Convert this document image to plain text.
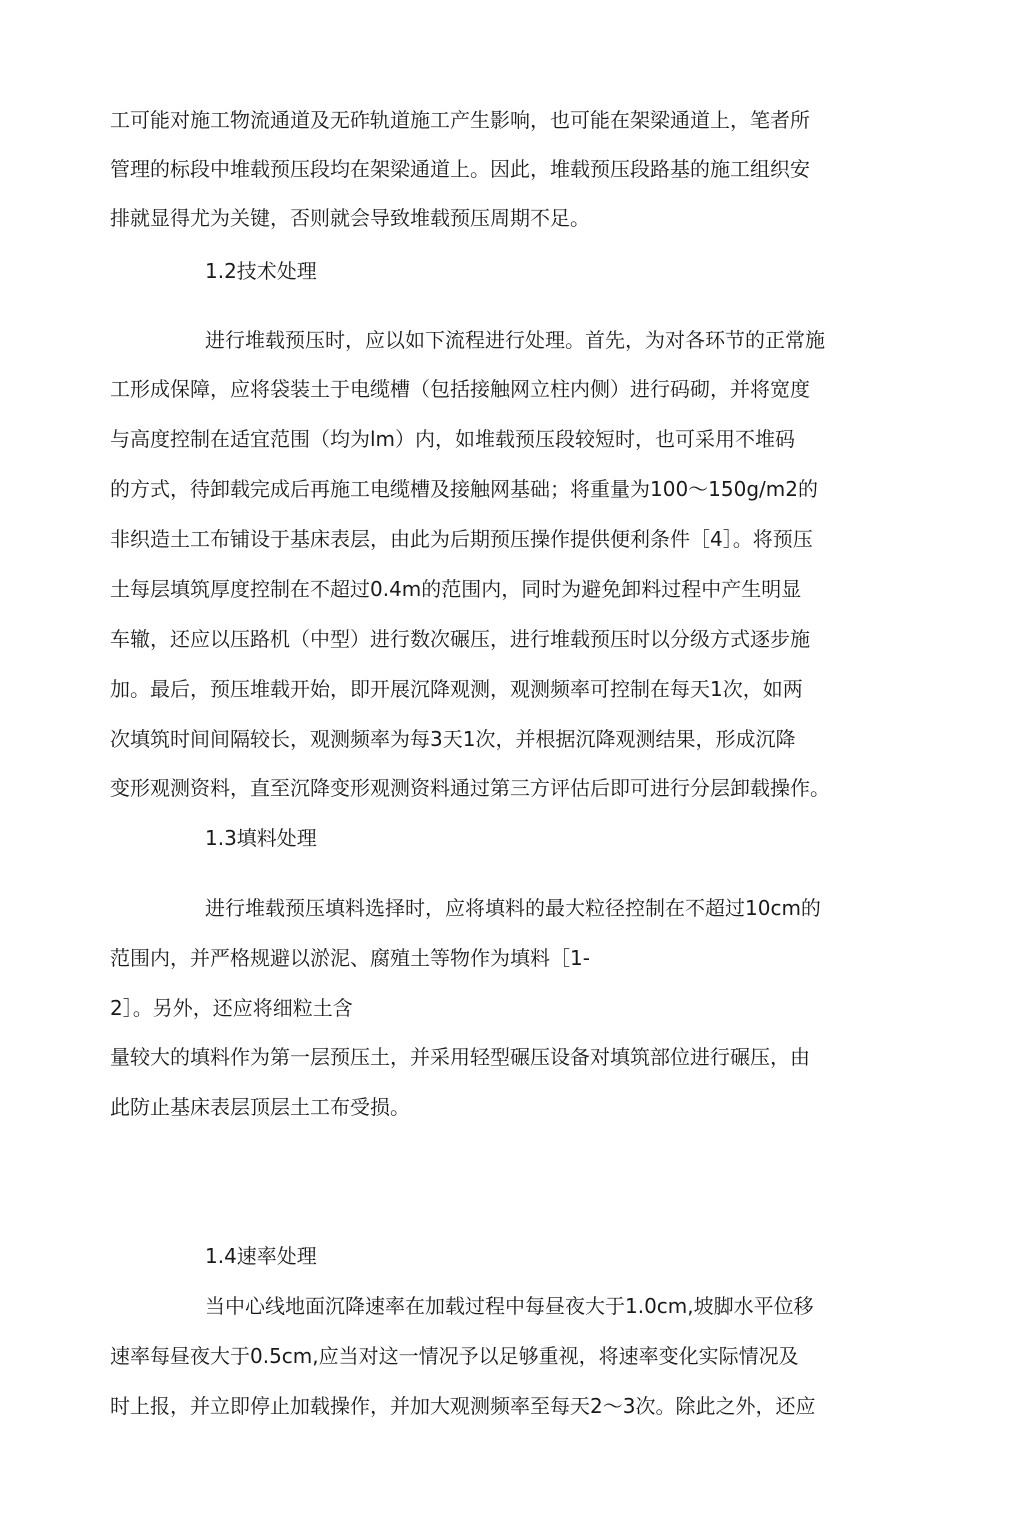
工可能对施工物流通道及无砟轨道施工产生影响，也可能在架梁通道上，笔者所
管理的标段中堆载预压段均在架梁通道上。因此，堆载预压段路基的施工组织安
排就显得尤为关键，否则就会导致堆载预压周期不足。
1.2技术处理
进行堆载预压时，应以如下流程进行处理。首先，为对各环节的正常施
工形成保障，应将袋装土于电缆槽（包括接触网立柱内侧）进行码砌，并将宽度
与高度控制在适宜范围（均为lm）内，如堆载预压段较短时，也可采用不堆码
的方式，待卸载完成后再施工电缆槽及接触网基础；将重量为100～150g/m2的
非织造土工布铺设于基床表层，由此为后期预压操作提供便利条件［4］。将预压
土每层填筑厚度控制在不超过0.4m的范围内，同时为避免卸料过程中产生明显
车辙，还应以压路机（中型）进行数次碾压，进行堆载预压时以分级方式逐步施
加。最后，预压堆载开始，即开展沉降观测，观测频率可控制在每天1次，如两
次填筑时间间隔较长，观测频率为每3天1次，并根据沉降观测结果，形成沉降
变形观测资料，直至沉降变形观测资料通过第三方评估后即可进行分层卸载操作。
1.3填料处理
进行堆载预压填料选择时，应将填料的最大粒径控制在不超过10cm的
范围内，并严格规避以淤泥、腐殖土等物作为填料［1-
2］。另外，还应将细粒土含
量较大的填料作为第一层预压土，并采用轻型碾压设备对填筑部位进行碾压，由
此防止基床表层顶层土工布受损。
1.4速率处理
当中心线地面沉降速率在加载过程中每昼夜大于1.0cm,坡脚水平位移
速率每昼夜大于0.5cm,应当对这一情况予以足够重视，将速率变化实际情况及
时上报，并立即停止加载操作，并加大观测频率至每天2～3次。除此之外，还应
